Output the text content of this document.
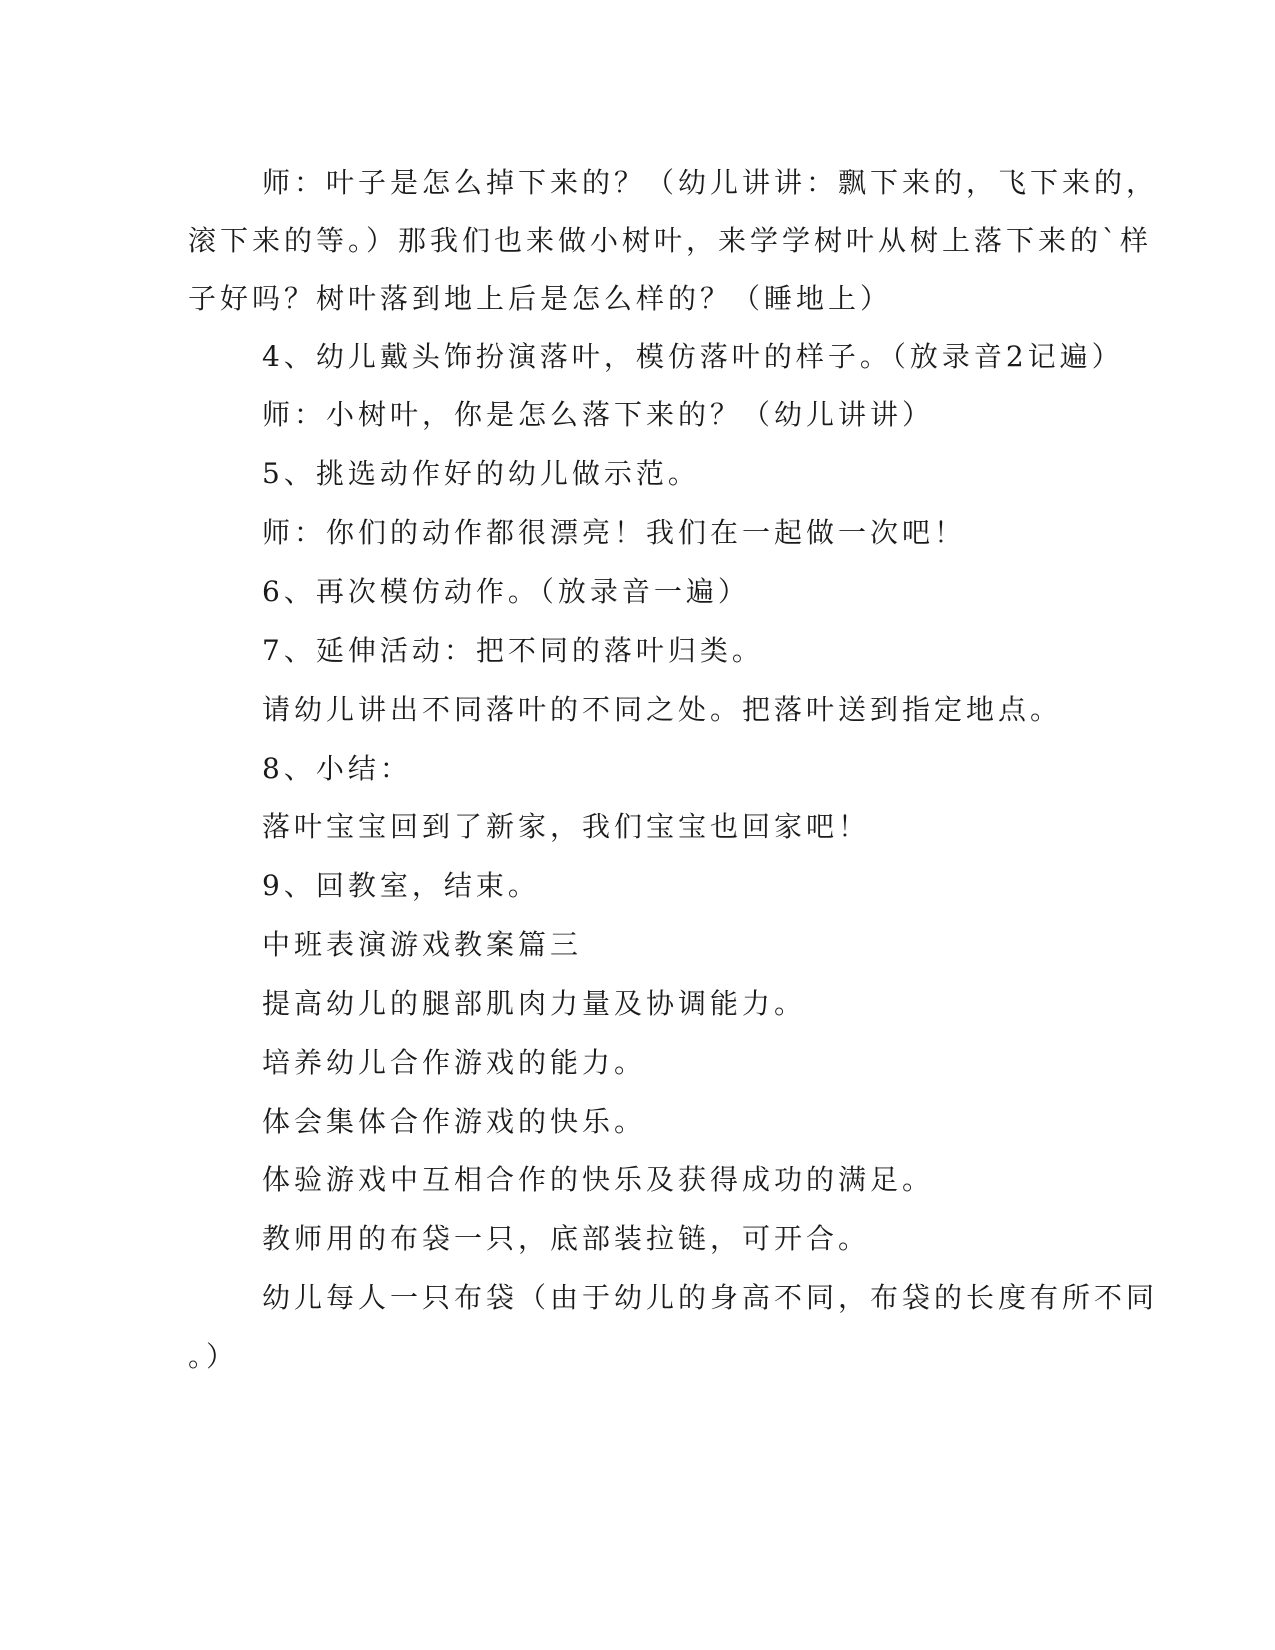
师：叶子是怎么掉下来的？（幼儿讲讲：飘下来的，飞下来的，
滚下来的等。）那我们也来做小树叶，来学学树叶从树上落下来的`样
子好吗？树叶落到地上后是怎么样的？（睡地上）
4、幼儿戴头饰扮演落叶，模仿落叶的样子。（放录音2记遍）
师：小树叶，你是怎么落下来的？（幼儿讲讲）
5、挑选动作好的幼儿做示范。
师：你们的动作都很漂亮！我们在一起做一次吧！
6、再次模仿动作。（放录音一遍）
7、延伸活动：把不同的落叶归类。
请幼儿讲出不同落叶的不同之处。把落叶送到指定地点。
8、小结：
落叶宝宝回到了新家，我们宝宝也回家吧！
9、回教室，结束。
中班表演游戏教案篇三
提高幼儿的腿部肌肉力量及协调能力。
培养幼儿合作游戏的能力。
体会集体合作游戏的快乐。
体验游戏中互相合作的快乐及获得成功的满足。
教师用的布袋一只，底部装拉链，可开合。
幼儿每人一只布袋（由于幼儿的身高不同，布袋的长度有所不同
。）
